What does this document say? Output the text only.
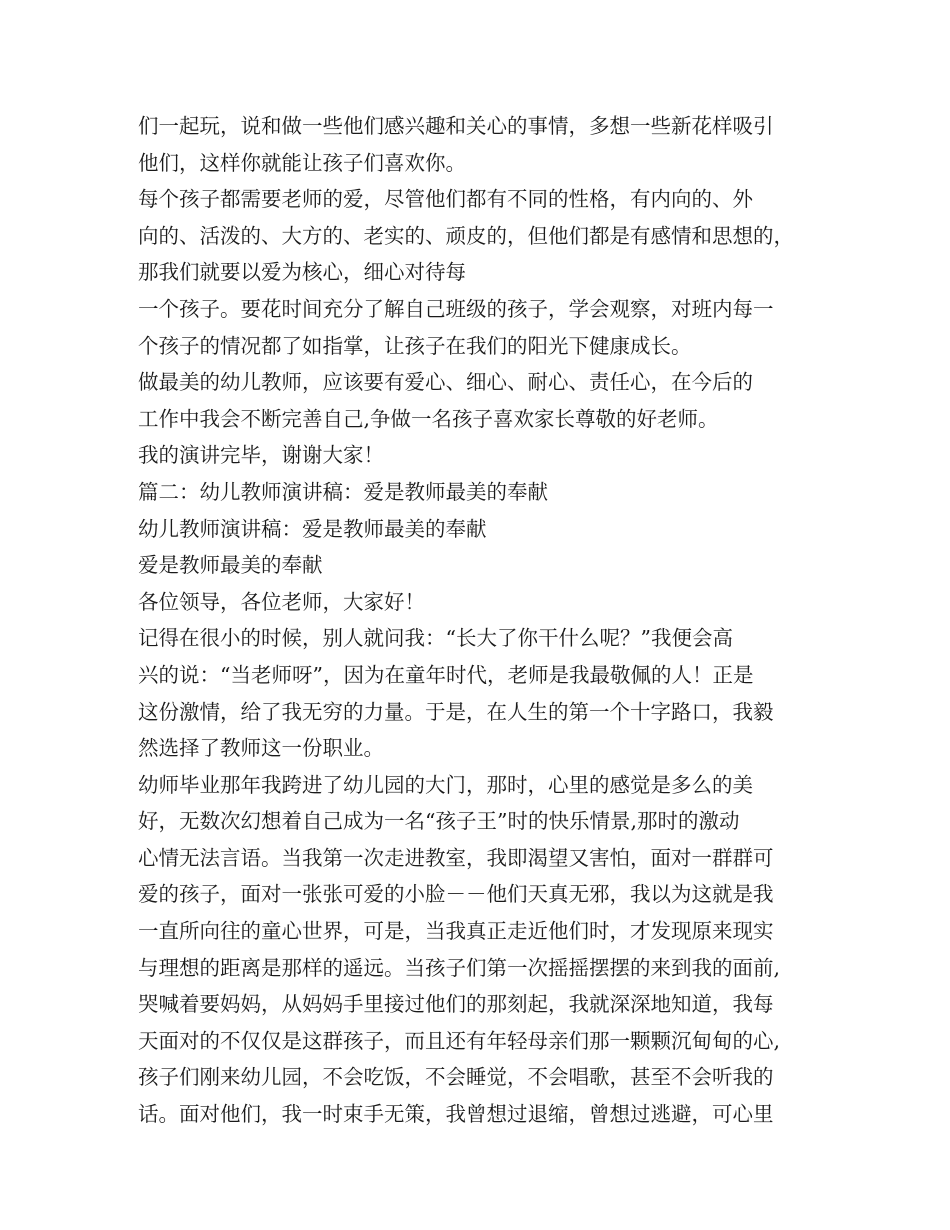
们一起玩，说和做一些他们感兴趣和关心的事情，多想一些新花样吸引
他们，这样你就能让孩子们喜欢你。
每个孩子都需要老师的爱，尽管他们都有不同的性格，有内向的、外
向的、活泼的、大方的、老实的、顽皮的，但他们都是有感情和思想的，
那我们就要以爱为核心，细心对待每
一个孩子。要花时间充分了解自己班级的孩子，学会观察，对班内每一
个孩子的情况都了如指掌，让孩子在我们的阳光下健康成长。
做最美的幼儿教师，应该要有爱心、细心、耐心、责任心，在今后的
工作中我会不断完善自己,争做一名孩子喜欢家长尊敬的好老师。
我的演讲完毕，谢谢大家！
篇二：幼儿教师演讲稿：爱是教师最美的奉献
幼儿教师演讲稿：爱是教师最美的奉献
爱是教师最美的奉献
各位领导，各位老师，大家好！
记得在很小的时候，别人就问我：“长大了你干什么呢？”我便会高
兴的说：“当老师呀”，因为在童年时代，老师是我最敬佩的人！正是
这份激情，给了我无穷的力量。于是，在人生的第一个十字路口，我毅
然选择了教师这一份职业。
幼师毕业那年我跨进了幼儿园的大门，那时，心里的感觉是多么的美
好，无数次幻想着自己成为一名“孩子王”时的快乐情景,那时的激动
心情无法言语。当我第一次走进教室，我即渴望又害怕，面对一群群可
爱的孩子，面对一张张可爱的小脸－－他们天真无邪，我以为这就是我
一直所向往的童心世界，可是，当我真正走近他们时，才发现原来现实
与理想的距离是那样的遥远。当孩子们第一次摇摇摆摆的来到我的面前,
哭喊着要妈妈，从妈妈手里接过他们的那刻起，我就深深地知道，我每
天面对的不仅仅是这群孩子，而且还有年轻母亲们那一颗颗沉甸甸的心,
孩子们刚来幼儿园，不会吃饭，不会睡觉，不会唱歌，甚至不会听我的
话。面对他们，我一时束手无策，我曾想过退缩，曾想过逃避，可心里
